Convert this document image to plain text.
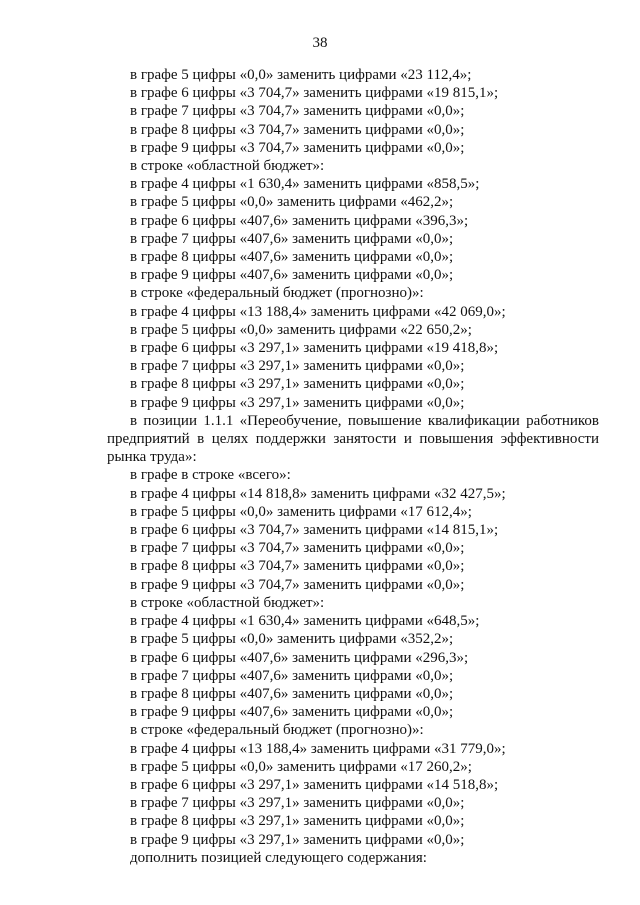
38

в графе 5 цифры «0,0» заменить цифрами «23 112,4»;

в графе 6 цифры «3 704,7» заменить цифрами «19 815,1»;

в графе 7 цифры «3 704,7» заменить цифрами «0,0»;

в графе 8 цифры «3 704,7» заменить цифрами «0,0»;

в графе 9 цифры «3 704,7» заменить цифрами «0,0»;

в строке «областной бюджет»:

в графе 4 цифры «1 630,4» заменить цифрами «858,5»;

в графе 5 цифры «0,0» заменить цифрами «462,2»;

в графе 6 цифры «407,6» заменить цифрами «396,3»;

в графе 7 цифры «407,6» заменить цифрами «0,0»;

в графе 8 цифры «407,6» заменить цифрами «0,0»;

в графе 9 цифры «407,6» заменить цифрами «0,0»;

в строке «федеральный бюджет (прогнозно)»:

в графе 4 цифры «13 188,4» заменить цифрами «42 069,0»;

в графе 5 цифры «0,0» заменить цифрами «22 650,2»;

в графе 6 цифры «3 297,1» заменить цифрами «19 418,8»;

в графе 7 цифры «3 297,1» заменить цифрами «0,0»;

в графе 8 цифры «3 297,1» заменить цифрами «0,0»;

в графе 9 цифры «3 297,1» заменить цифрами «0,0»;

в позиции 1.1.1 «Переобучение, повышение квалификации работников предприятий в целях поддержки занятости и повышения эффективности рынка труда»:

в графе в строке «всего»:

в графе 4 цифры «14 818,8» заменить цифрами «32 427,5»;

в графе 5 цифры «0,0» заменить цифрами «17 612,4»;

в графе 6 цифры «3 704,7» заменить цифрами «14 815,1»;

в графе 7 цифры «3 704,7» заменить цифрами «0,0»;

в графе 8 цифры «3 704,7» заменить цифрами «0,0»;

в графе 9 цифры «3 704,7» заменить цифрами «0,0»;

в строке «областной бюджет»:

в графе 4 цифры «1 630,4» заменить цифрами «648,5»;

в графе 5 цифры «0,0» заменить цифрами «352,2»;

в графе 6 цифры «407,6» заменить цифрами «296,3»;

в графе 7 цифры «407,6» заменить цифрами «0,0»;

в графе 8 цифры «407,6» заменить цифрами «0,0»;

в графе 9 цифры «407,6» заменить цифрами «0,0»;

в строке «федеральный бюджет (прогнозно)»:

в графе 4 цифры «13 188,4» заменить цифрами «31 779,0»;

в графе 5 цифры «0,0» заменить цифрами «17 260,2»;

в графе 6 цифры «3 297,1» заменить цифрами «14 518,8»;

в графе 7 цифры «3 297,1» заменить цифрами «0,0»;

в графе 8 цифры «3 297,1» заменить цифрами «0,0»;

в графе 9 цифры «3 297,1» заменить цифрами «0,0»;

дополнить позицией следующего содержания:
